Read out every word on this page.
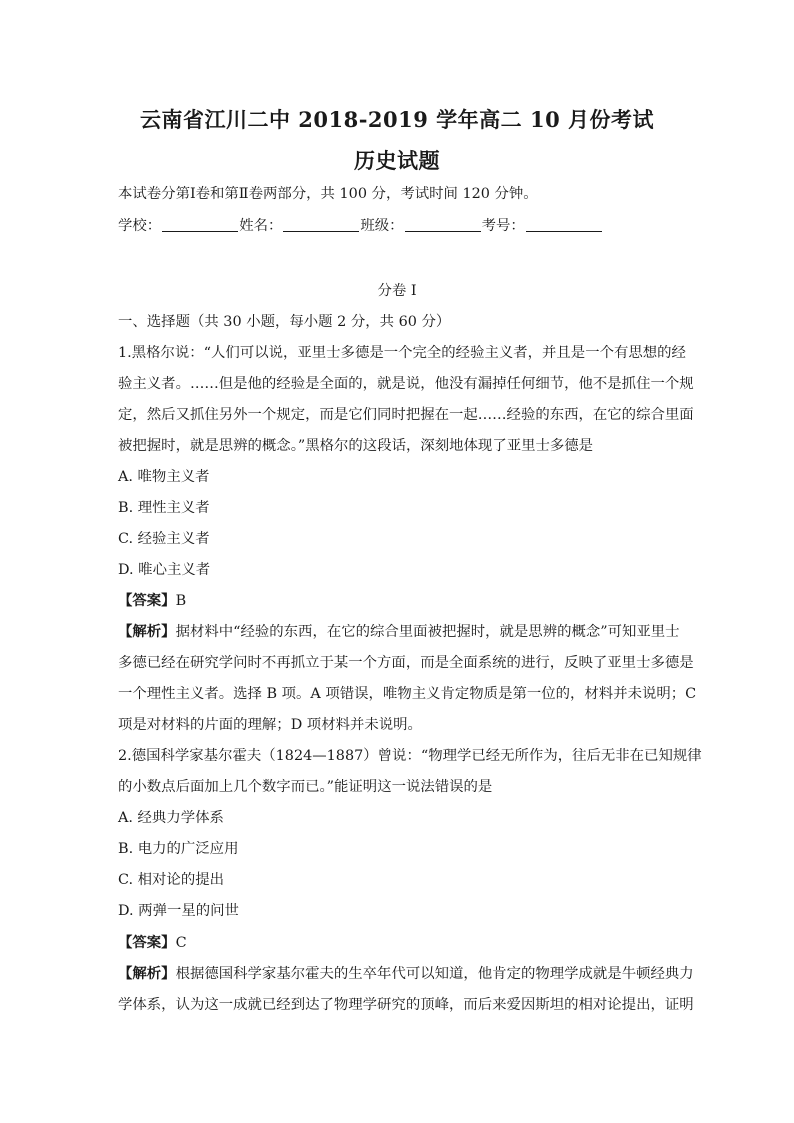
云南省江川二中 2018-2019 学年高二 10 月份考试
历史试题
本试卷分第Ⅰ卷和第Ⅱ卷两部分，共 100 分，考试时间 120 分钟。
学校：	姓名：	班级：	考号：
分卷 I
一、选择题（共 30 小题，每小题 2 分，共 60 分）
1.黑格尔说：“人们可以说，亚里士多德是一个完全的经验主义者，并且是一个有思想的经
验主义者。……但是他的经验是全面的，就是说，他没有漏掉任何细节，他不是抓住一个规
定，然后又抓住另外一个规定，而是它们同时把握在一起……经验的东西，在它的综合里面
被把握时，就是思辨的概念。”黑格尔的这段话，深刻地体现了亚里士多德是
A. 唯物主义者
B. 理性主义者
C. 经验主义者
D. 唯心主义者
【答案】B
【解析】据材料中“经验的东西，在它的综合里面被把握时，就是思辨的概念”可知亚里士
多德已经在研究学问时不再抓立于某一个方面，而是全面系统的进行，反映了亚里士多德是
一个理性主义者。选择 B 项。A 项错误，唯物主义肯定物质是第一位的，材料并未说明；C
项是对材料的片面的理解；D 项材料并未说明。
2.德国科学家基尔霍夫（1824—1887）曾说：“物理学已经无所作为，往后无非在已知规律
的小数点后面加上几个数字而已。”能证明这一说法错误的是
A. 经典力学体系
B. 电力的广泛应用
C. 相对论的提出
D. 两弹一星的问世
【答案】C
【解析】根据德国科学家基尔霍夫的生卒年代可以知道，他肯定的物理学成就是牛顿经典力
学体系，认为这一成就已经到达了物理学研究的顶峰，而后来爱因斯坦的相对论提出，证明
